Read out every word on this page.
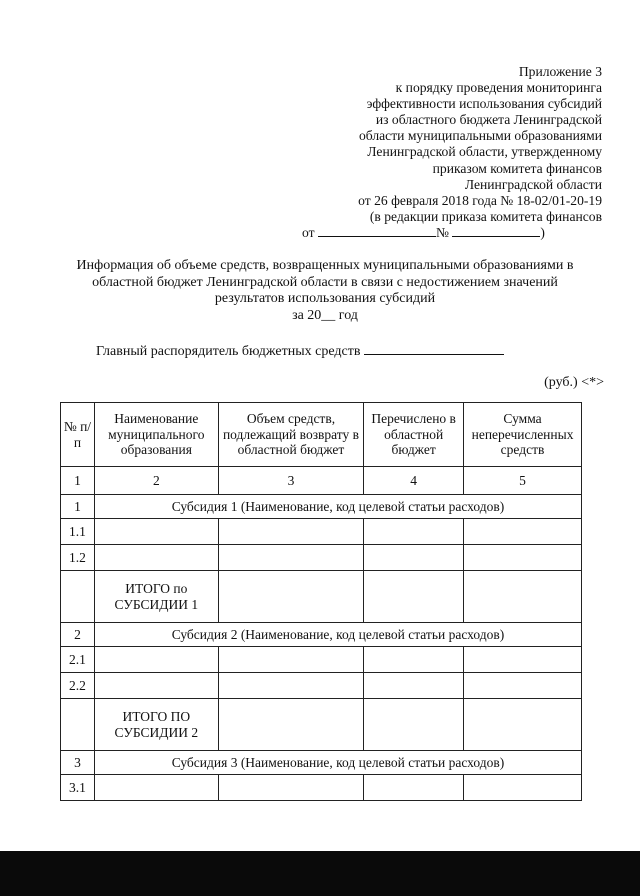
Приложение 3
к порядку проведения мониторинга
эффективности использования субсидий
из областного бюджета Ленинградской
области муниципальными образованиями
Ленинградской области, утвержденному
приказом комитета финансов
Ленинградской области
от 26 февраля 2018 года № 18-02/01-20-19
(в редакции приказа комитета финансов
от	№	)
Информация об объеме средств, возвращенных муниципальными образованиями в
областной бюджет Ленинградской области в связи с недостижением значений
результатов использования субсидий
за 20__ год
Главный распорядитель бюджетных средств
(руб.) <*>
№ п/п	Наименование муниципального образования	Объем средств, подлежащий возврату в областной бюджет	Перечислено в областной бюджет	Сумма неперечисленных средств
1	2	3	4	5
1	Субсидия 1 (Наименование, код целевой статьи расходов)			
1.1				
1.2				
	ИТОГО по СУБСИДИИ 1			
2	Субсидия 2 (Наименование, код целевой статьи расходов)			
2.1				
2.2				
	ИТОГО ПО СУБСИДИИ 2			
3	Субсидия 3 (Наименование, код целевой статьи расходов)			
3.1				
